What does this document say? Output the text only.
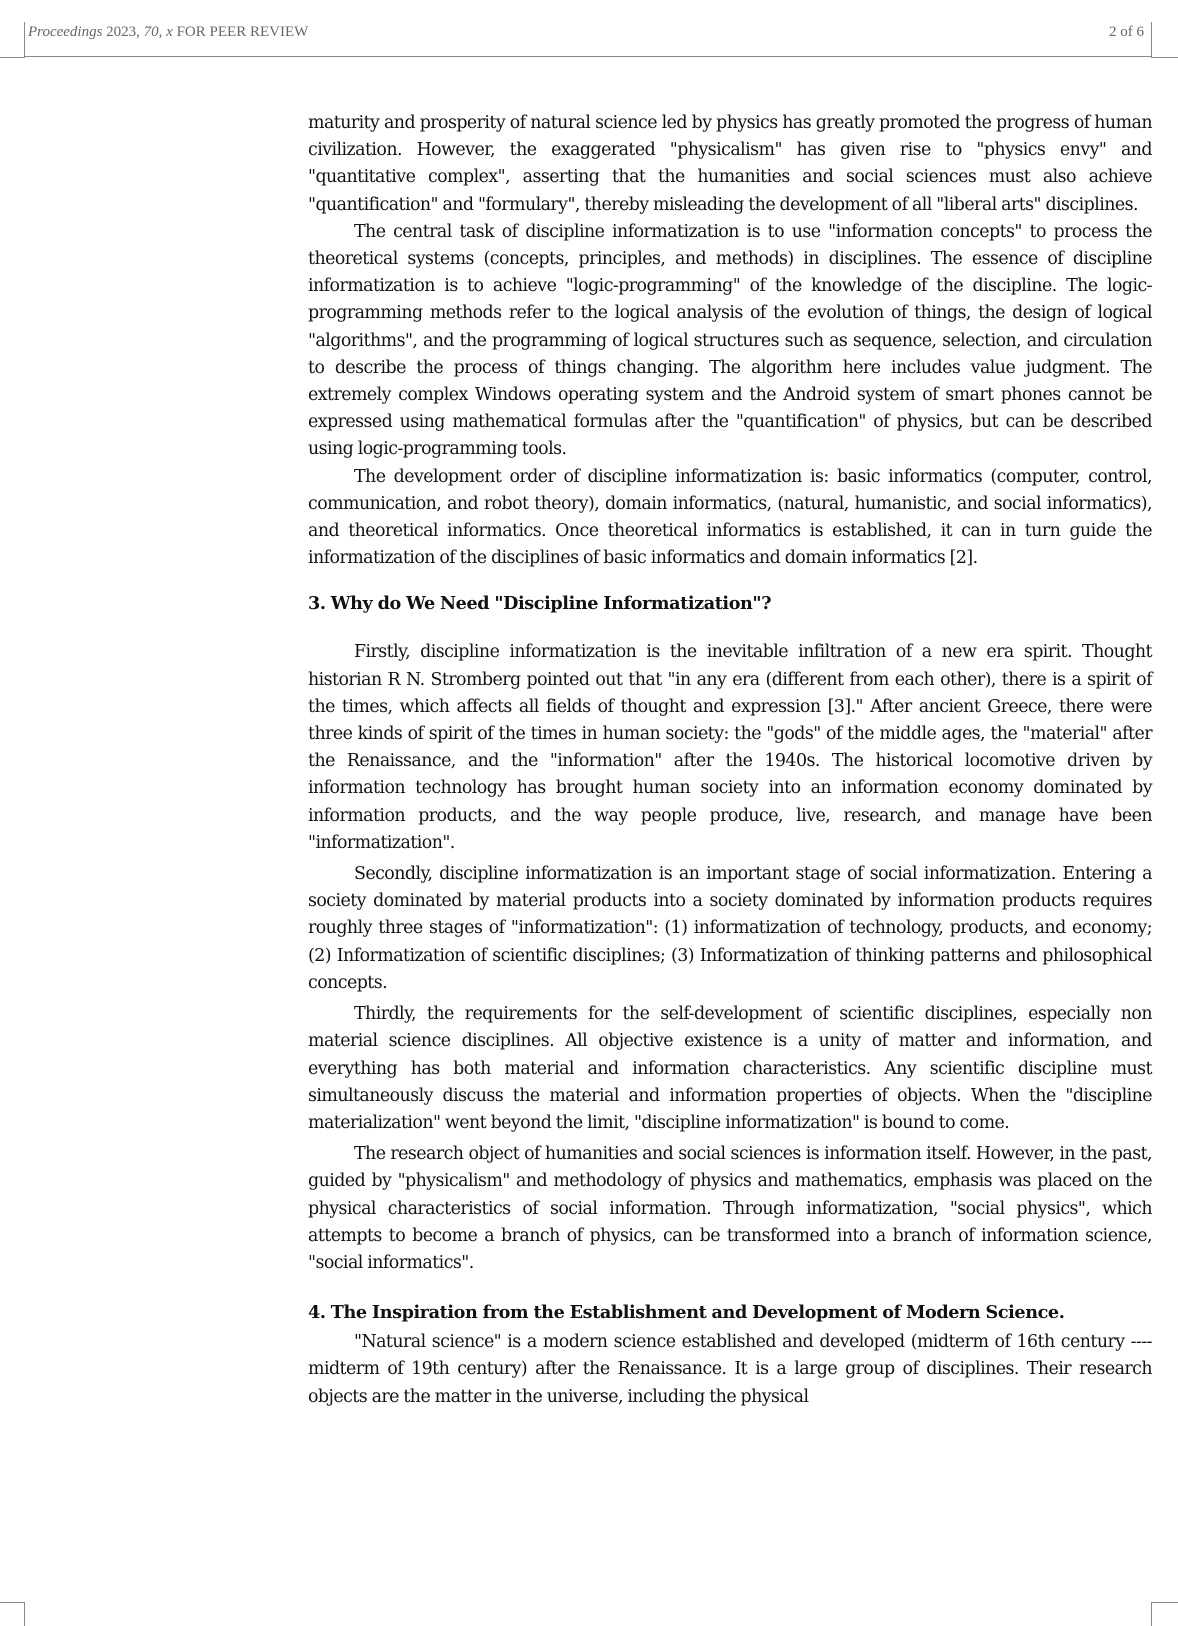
Proceedings 2023, 70, x FOR PEER REVIEW	2 of 6

maturity and prosperity of natural science led by physics has greatly promoted the progress of human civilization. However, the exaggerated "physicalism" has given rise to "physics envy" and "quantitative complex", asserting that the humanities and social sciences must also achieve "quantification" and "formulary", thereby misleading the development of all "liberal arts" disciplines.

The central task of discipline informatization is to use "information concepts" to process the theoretical systems (concepts, principles, and methods) in disciplines. The essence of discipline informatization is to achieve "logic-programming" of the knowledge of the discipline. The logic-programming methods refer to the logical analysis of the evolution of things, the design of logical "algorithms", and the programming of logical structures such as sequence, selection, and circulation to describe the process of things changing. The algorithm here includes value judgment. The extremely complex Windows operating system and the Android system of smart phones cannot be expressed using mathematical formulas after the "quantification" of physics, but can be described using logic-programming tools.

The development order of discipline informatization is: basic informatics (computer, control, communication, and robot theory), domain informatics, (natural, humanistic, and social informatics), and theoretical informatics. Once theoretical informatics is established, it can in turn guide the informatization of the disciplines of basic informatics and domain informatics [2].

3. Why do We Need "Discipline Informatization"?

Firstly, discipline informatization is the inevitable infiltration of a new era spirit. Thought historian R N. Stromberg pointed out that "in any era (different from each other), there is a spirit of the times, which affects all fields of thought and expression [3]." After ancient Greece, there were three kinds of spirit of the times in human society: the "gods" of the middle ages, the "material" after the Renaissance, and the "information" after the 1940s. The historical locomotive driven by information technology has brought human society into an information economy dominated by information products, and the way people produce, live, research, and manage have been "informatization".

Secondly, discipline informatization is an important stage of social informatization. Entering a society dominated by material products into a society dominated by information products requires roughly three stages of "informatization": (1) informatization of technology, products, and economy; (2) Informatization of scientific disciplines; (3) Informatization of thinking patterns and philosophical concepts.

Thirdly, the requirements for the self-development of scientific disciplines, especially non material science disciplines. All objective existence is a unity of matter and information, and everything has both material and information characteristics. Any scientific discipline must simultaneously discuss the material and information properties of objects. When the "discipline materialization" went beyond the limit, "discipline informatization" is bound to come.

The research object of humanities and social sciences is information itself. However, in the past, guided by "physicalism" and methodology of physics and mathematics, emphasis was placed on the physical characteristics of social information. Through informatization, "social physics", which attempts to become a branch of physics, can be transformed into a branch of information science, "social informatics".

4. The Inspiration from the Establishment and Development of Modern Science.

"Natural science" is a modern science established and developed (midterm of 16th century ---- midterm of 19th century) after the Renaissance. It is a large group of disciplines. Their research objects are the matter in the universe, including the physical
